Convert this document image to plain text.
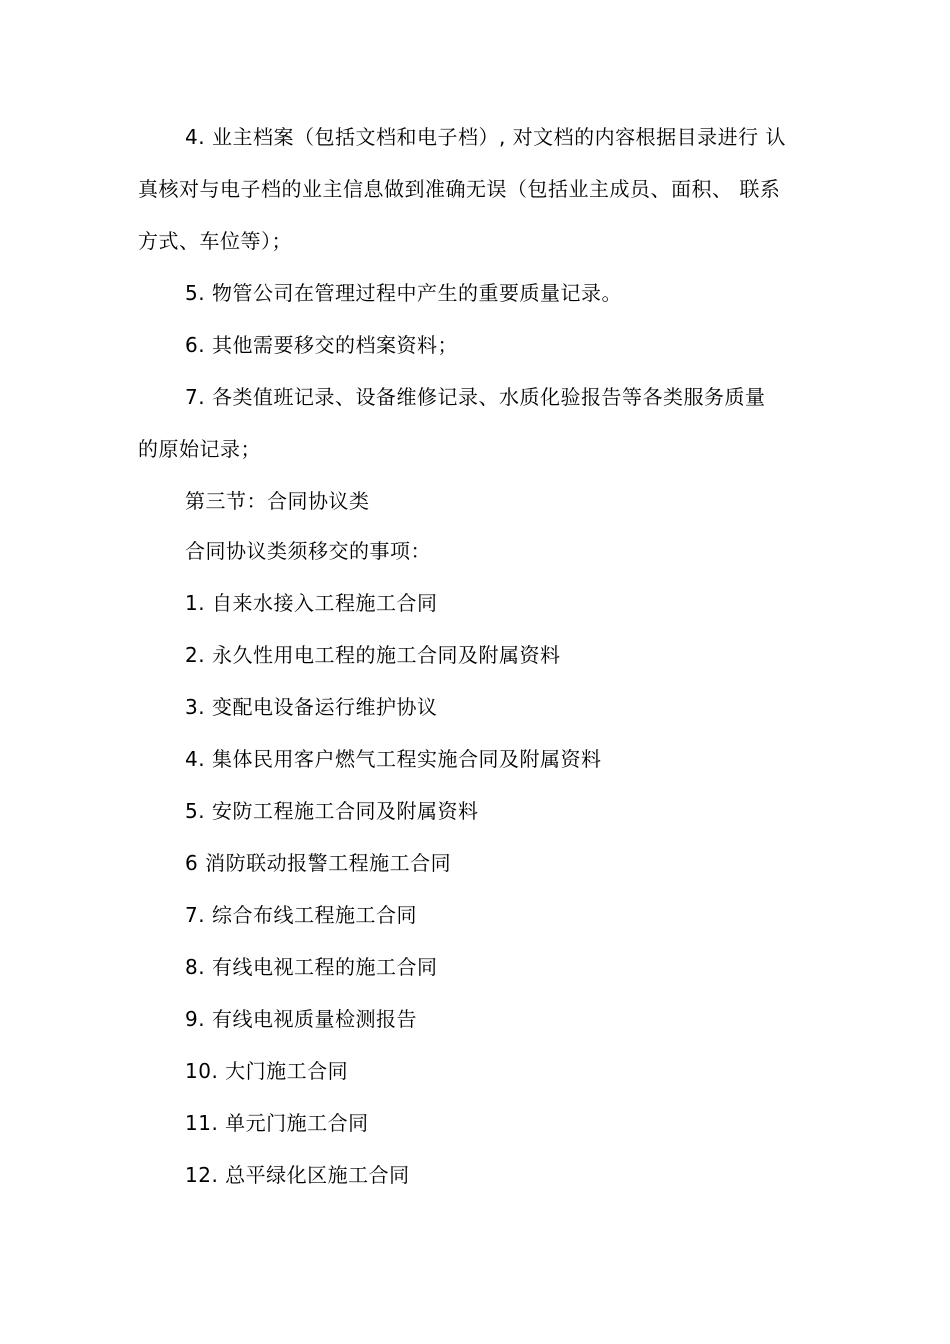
4. 业主档案（包括文档和电子档）, 对文档的内容根据目录进行 认
真核对与电子档的业主信息做到准确无误（包括业主成员、面积、 联系
方式、车位等）；
5. 物管公司在管理过程中产生的重要质量记录。
6. 其他需要移交的档案资料；
7. 各类值班记录、设备维修记录、水质化验报告等各类服务质量
的原始记录；
第三节：合同协议类
合同协议类须移交的事项：
1. 自来水接入工程施工合同
2. 永久性用电工程的施工合同及附属资料
3. 变配电设备运行维护协议
4. 集体民用客户燃气工程实施合同及附属资料
5. 安防工程施工合同及附属资料
6 消防联动报警工程施工合同
7. 综合布线工程施工合同
8. 有线电视工程的施工合同
9. 有线电视质量检测报告
10. 大门施工合同
11. 单元门施工合同
12. 总平绿化区施工合同
